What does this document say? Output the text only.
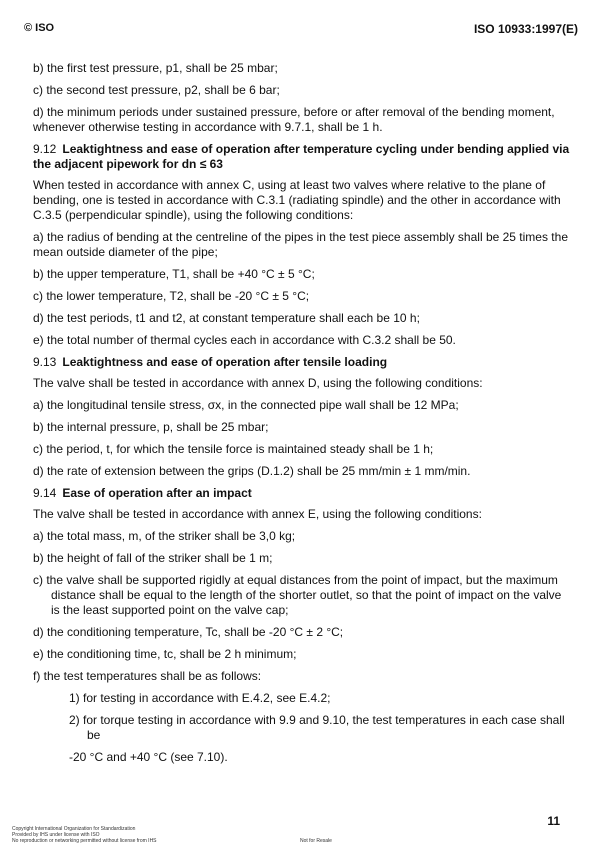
© ISO	ISO 10933:1997(E)

b) the first test pressure, p1, shall be 25 mbar;

c) the second test pressure, p2, shall be 6 bar;

d) the minimum periods under sustained pressure, before or after removal of the bending moment, whenever otherwise testing in accordance with 9.7.1, shall be 1 h.

9.12 Leaktightness and ease of operation after temperature cycling under bending applied via the adjacent pipework for dn ≤ 63

When tested in accordance with annex C, using at least two valves where relative to the plane of bending, one is tested in accordance with C.3.1 (radiating spindle) and the other in accordance with C.3.5 (perpendicular spindle), using the following conditions:

a) the radius of bending at the centreline of the pipes in the test piece assembly shall be 25 times the mean outside diameter of the pipe;

b) the upper temperature, T1, shall be +40 °C ± 5 °C;

c) the lower temperature, T2, shall be -20 °C ± 5 °C;

d) the test periods, t1 and t2, at constant temperature shall each be 10 h;

e) the total number of thermal cycles each in accordance with C.3.2 shall be 50.

9.13 Leaktightness and ease of operation after tensile loading

The valve shall be tested in accordance with annex D, using the following conditions:

a) the longitudinal tensile stress, σx, in the connected pipe wall shall be 12 MPa;

b) the internal pressure, p, shall be 25 mbar;

c) the period, t, for which the tensile force is maintained steady shall be 1 h;

d) the rate of extension between the grips (D.1.2) shall be 25 mm/min ± 1 mm/min.

9.14 Ease of operation after an impact

The valve shall be tested in accordance with annex E, using the following conditions:

a) the total mass, m, of the striker shall be 3,0 kg;

b) the height of fall of the striker shall be 1 m;

c) the valve shall be supported rigidly at equal distances from the point of impact, but the maximum distance shall be equal to the length of the shorter outlet, so that the point of impact on the valve is the least supported point on the valve cap;

d) the conditioning temperature, Tc, shall be -20 °C ± 2 °C;

e) the conditioning time, tc, shall be 2 h minimum;

f) the test temperatures shall be as follows:

1) for testing in accordance with E.4.2, see E.4.2;

2) for torque testing in accordance with 9.9 and 9.10, the test temperatures in each case shall be

-20 °C and +40 °C (see 7.10).

11
Copyright International Organization for Standardization
Provided by IHS under license with ISO
No reproduction or networking permitted without license from IHS	Not for Resale
